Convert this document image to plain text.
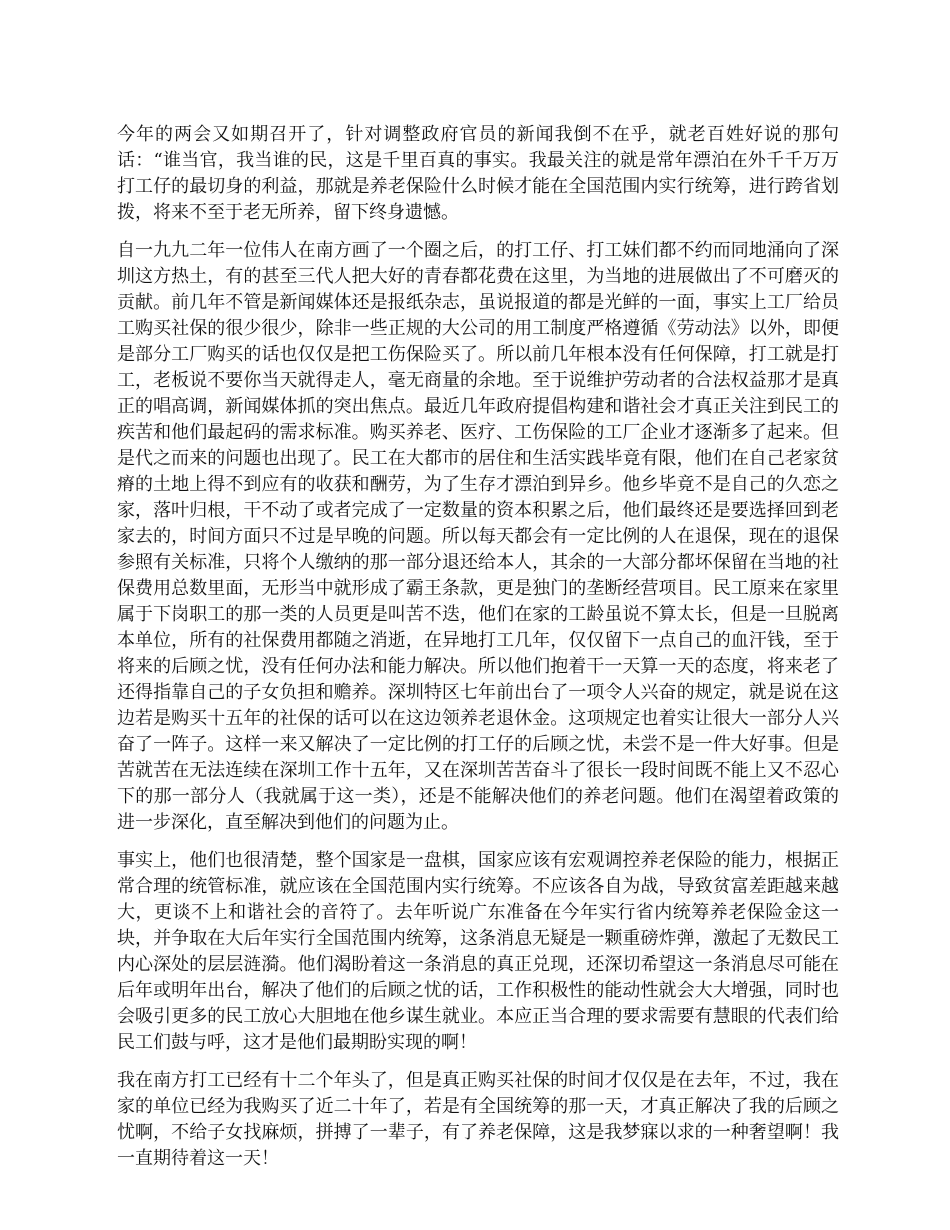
今年的两会又如期召开了，针对调整政府官员的新闻我倒不在乎，就老百姓好说的那句话：“谁当官，我当谁的民，这是千里百真的事实。我最关注的就是常年漂泊在外千千万万打工仔的最切身的利益，那就是养老保险什么时候才能在全国范围内实行统筹，进行跨省划拨，将来不至于老无所养，留下终身遗憾。

自一九九二年一位伟人在南方画了一个圈之后，的打工仔、打工妹们都不约而同地涌向了深圳这方热土，有的甚至三代人把大好的青春都花费在这里，为当地的进展做出了不可磨灭的贡献。前几年不管是新闻媒体还是报纸杂志，虽说报道的都是光鲜的一面，事实上工厂给员工购买社保的很少很少，除非一些正规的大公司的用工制度严格遵循《劳动法》以外，即便是部分工厂购买的话也仅仅是把工伤保险买了。所以前几年根本没有任何保障，打工就是打工，老板说不要你当天就得走人，毫无商量的余地。至于说维护劳动者的合法权益那才是真正的唱高调，新闻媒体抓的突出焦点。最近几年政府提倡构建和谐社会才真正关注到民工的疾苦和他们最起码的需求标准。购买养老、医疗、工伤保险的工厂企业才逐渐多了起来。但是代之而来的问题也出现了。民工在大都市的居住和生活实践毕竟有限，他们在自己老家贫瘠的土地上得不到应有的收获和酬劳，为了生存才漂泊到异乡。他乡毕竟不是自己的久恋之家，落叶归根，干不动了或者完成了一定数量的资本积累之后，他们最终还是要选择回到老家去的，时间方面只不过是早晚的问题。所以每天都会有一定比例的人在退保，现在的退保参照有关标准，只将个人缴纳的那一部分退还给本人，其余的一大部分都坏保留在当地的社保费用总数里面，无形当中就形成了霸王条款，更是独门的垄断经营项目。民工原来在家里属于下岗职工的那一类的人员更是叫苦不迭，他们在家的工龄虽说不算太长，但是一旦脱离本单位，所有的社保费用都随之消逝，在异地打工几年，仅仅留下一点自己的血汗钱，至于将来的后顾之忧，没有任何办法和能力解决。所以他们抱着干一天算一天的态度，将来老了还得指靠自己的子女负担和赡养。深圳特区七年前出台了一项令人兴奋的规定，就是说在这边若是购买十五年的社保的话可以在这边领养老退休金。这项规定也着实让很大一部分人兴奋了一阵子。这样一来又解决了一定比例的打工仔的后顾之忧，未尝不是一件大好事。但是苦就苦在无法连续在深圳工作十五年，又在深圳苦苦奋斗了很长一段时间既不能上又不忍心下的那一部分人（我就属于这一类），还是不能解决他们的养老问题。他们在渴望着政策的进一步深化，直至解决到他们的问题为止。

事实上，他们也很清楚，整个国家是一盘棋，国家应该有宏观调控养老保险的能力，根据正常合理的统管标准，就应该在全国范围内实行统筹。不应该各自为战，导致贫富差距越来越大，更谈不上和谐社会的音符了。去年听说广东准备在今年实行省内统筹养老保险金这一块，并争取在大后年实行全国范围内统筹，这条消息无疑是一颗重磅炸弹，激起了无数民工内心深处的层层涟漪。他们渴盼着这一条消息的真正兑现，还深切希望这一条消息尽可能在后年或明年出台，解决了他们的后顾之忧的话，工作积极性的能动性就会大大增强，同时也会吸引更多的民工放心大胆地在他乡谋生就业。本应正当合理的要求需要有慧眼的代表们给民工们鼓与呼，这才是他们最期盼实现的啊！

我在南方打工已经有十二个年头了，但是真正购买社保的时间才仅仅是在去年，不过，我在家的单位已经为我购买了近二十年了，若是有全国统筹的那一天，才真正解决了我的后顾之忧啊，不给子女找麻烦，拼搏了一辈子，有了养老保障，这是我梦寐以求的一种奢望啊！我一直期待着这一天！
